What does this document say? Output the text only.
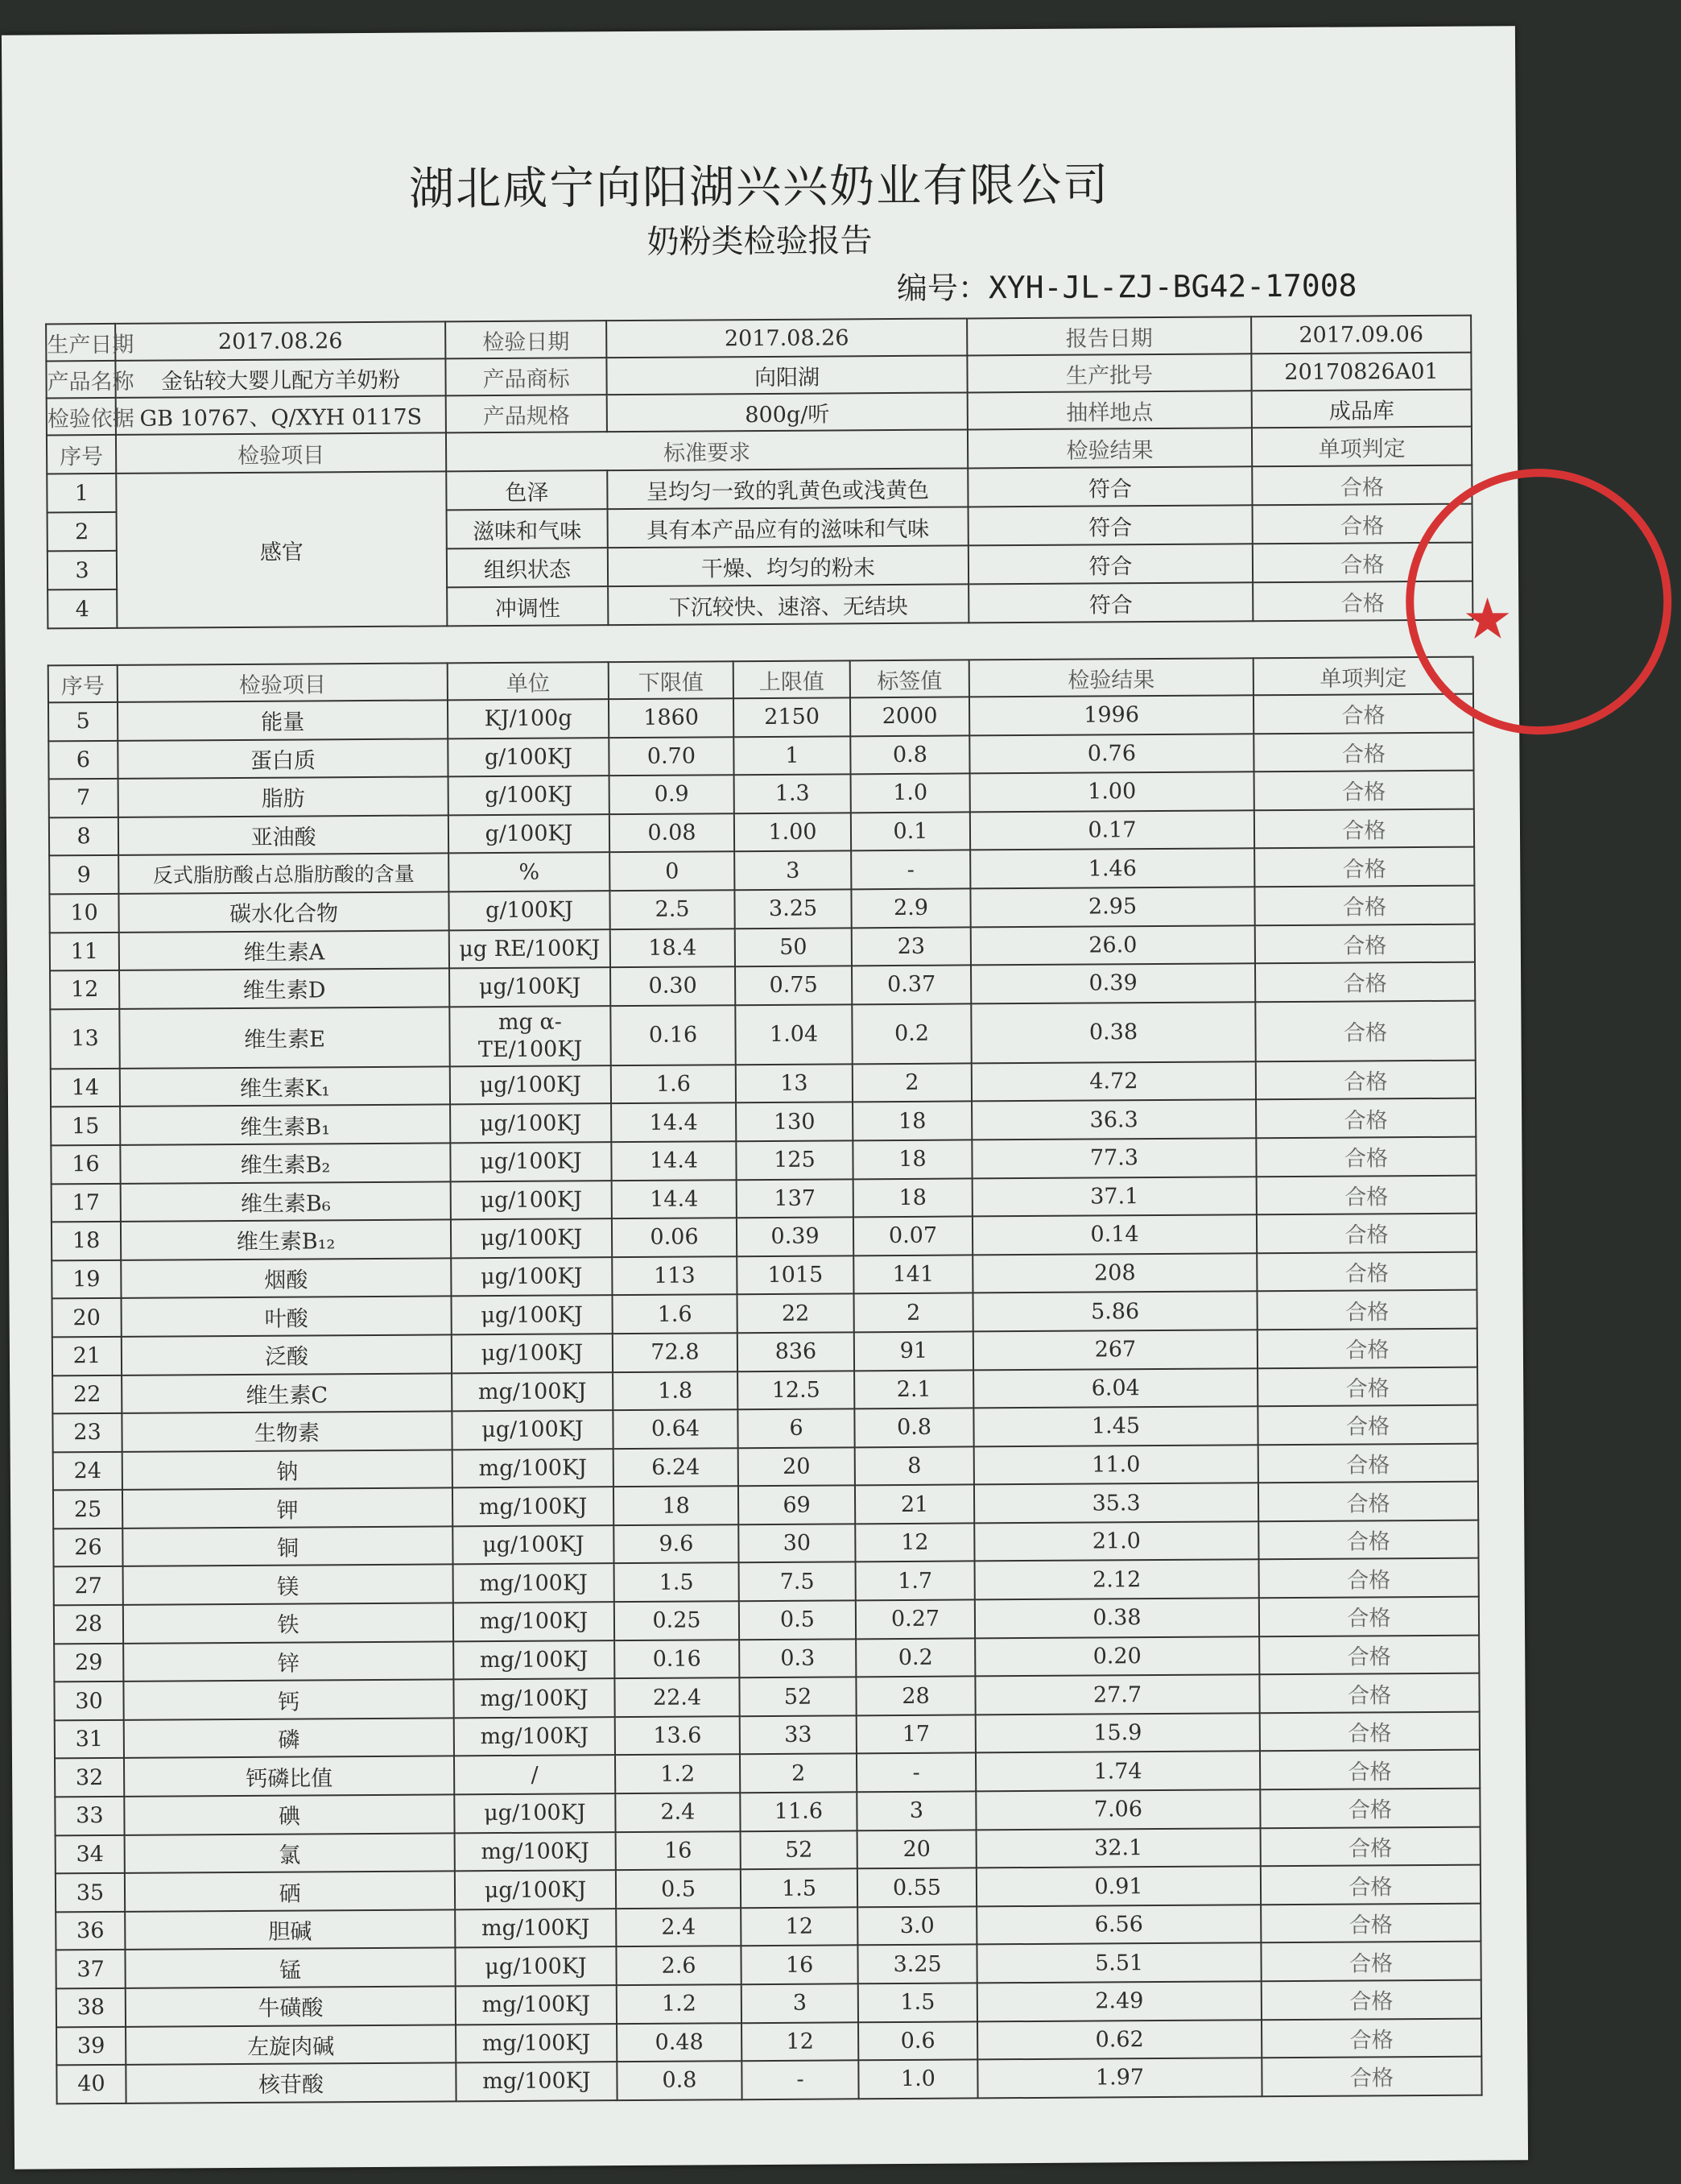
湖北咸宁向阳湖兴兴奶业有限公司
奶粉类检验报告
编号：XYH-JL-ZJ-BG42-17008
生产日期	2017.08.26	检验日期	2017.08.26	报告日期	2017.09.06
产品名称	金钻较大婴儿配方羊奶粉	产品商标	向阳湖	生产批号	20170826A01
检验依据	GB 10767、Q/XYH 0117S	产品规格	800g/听	抽样地点	成品库
序号	检验项目	标准要求		检验结果	单项判定
1	感官	色泽	呈均匀一致的乳黄色或浅黄色	符合	合格
2		滋味和气味	具有本产品应有的滋味和气味	符合	合格
3		组织状态	干燥、均匀的粉末	符合	合格
4		冲调性	下沉较快、速溶、无结块	符合	合格
序号	检验项目	单位	下限值	上限值	标签值	检验结果	单项判定
5	能量	KJ/100g	1860	2150	2000	1996	合格
6	蛋白质	g/100KJ	0.70	1	0.8	0.76	合格
7	脂肪	g/100KJ	0.9	1.3	1.0	1.00	合格
8	亚油酸	g/100KJ	0.08	1.00	0.1	0.17	合格
9	反式脂肪酸占总脂肪酸的含量	%	0	3	-	1.46	合格
10	碳水化合物	g/100KJ	2.5	3.25	2.9	2.95	合格
11	维生素A	μg RE/100KJ	18.4	50	23	26.0	合格
12	维生素D	μg/100KJ	0.30	0.75	0.37	0.39	合格
13	维生素E	mg α-TE/100KJ	0.16	1.04	0.2	0.38	合格
14	维生素K₁	μg/100KJ	1.6	13	2	4.72	合格
15	维生素B₁	μg/100KJ	14.4	130	18	36.3	合格
16	维生素B₂	μg/100KJ	14.4	125	18	77.3	合格
17	维生素B₆	μg/100KJ	14.4	137	18	37.1	合格
18	维生素B₁₂	μg/100KJ	0.06	0.39	0.07	0.14	合格
19	烟酸	μg/100KJ	113	1015	141	208	合格
20	叶酸	μg/100KJ	1.6	22	2	5.86	合格
21	泛酸	μg/100KJ	72.8	836	91	267	合格
22	维生素C	mg/100KJ	1.8	12.5	2.1	6.04	合格
23	生物素	μg/100KJ	0.64	6	0.8	1.45	合格
24	钠	mg/100KJ	6.24	20	8	11.0	合格
25	钾	mg/100KJ	18	69	21	35.3	合格
26	铜	μg/100KJ	9.6	30	12	21.0	合格
27	镁	mg/100KJ	1.5	7.5	1.7	2.12	合格
28	铁	mg/100KJ	0.25	0.5	0.27	0.38	合格
29	锌	mg/100KJ	0.16	0.3	0.2	0.20	合格
30	钙	mg/100KJ	22.4	52	28	27.7	合格
31	磷	mg/100KJ	13.6	33	17	15.9	合格
32	钙磷比值	/	1.2	2	-	1.74	合格
33	碘	μg/100KJ	2.4	11.6	3	7.06	合格
34	氯	mg/100KJ	16	52	20	32.1	合格
35	硒	μg/100KJ	0.5	1.5	0.55	0.91	合格
36	胆碱	mg/100KJ	2.4	12	3.0	6.56	合格
37	锰	μg/100KJ	2.6	16	3.25	5.51	合格
38	牛磺酸	mg/100KJ	1.2	3	1.5	2.49	合格
39	左旋肉碱	mg/100KJ	0.48	12	0.6	0.62	合格
40	核苷酸	mg/100KJ	0.8	-	1.0	1.97	合格
★
